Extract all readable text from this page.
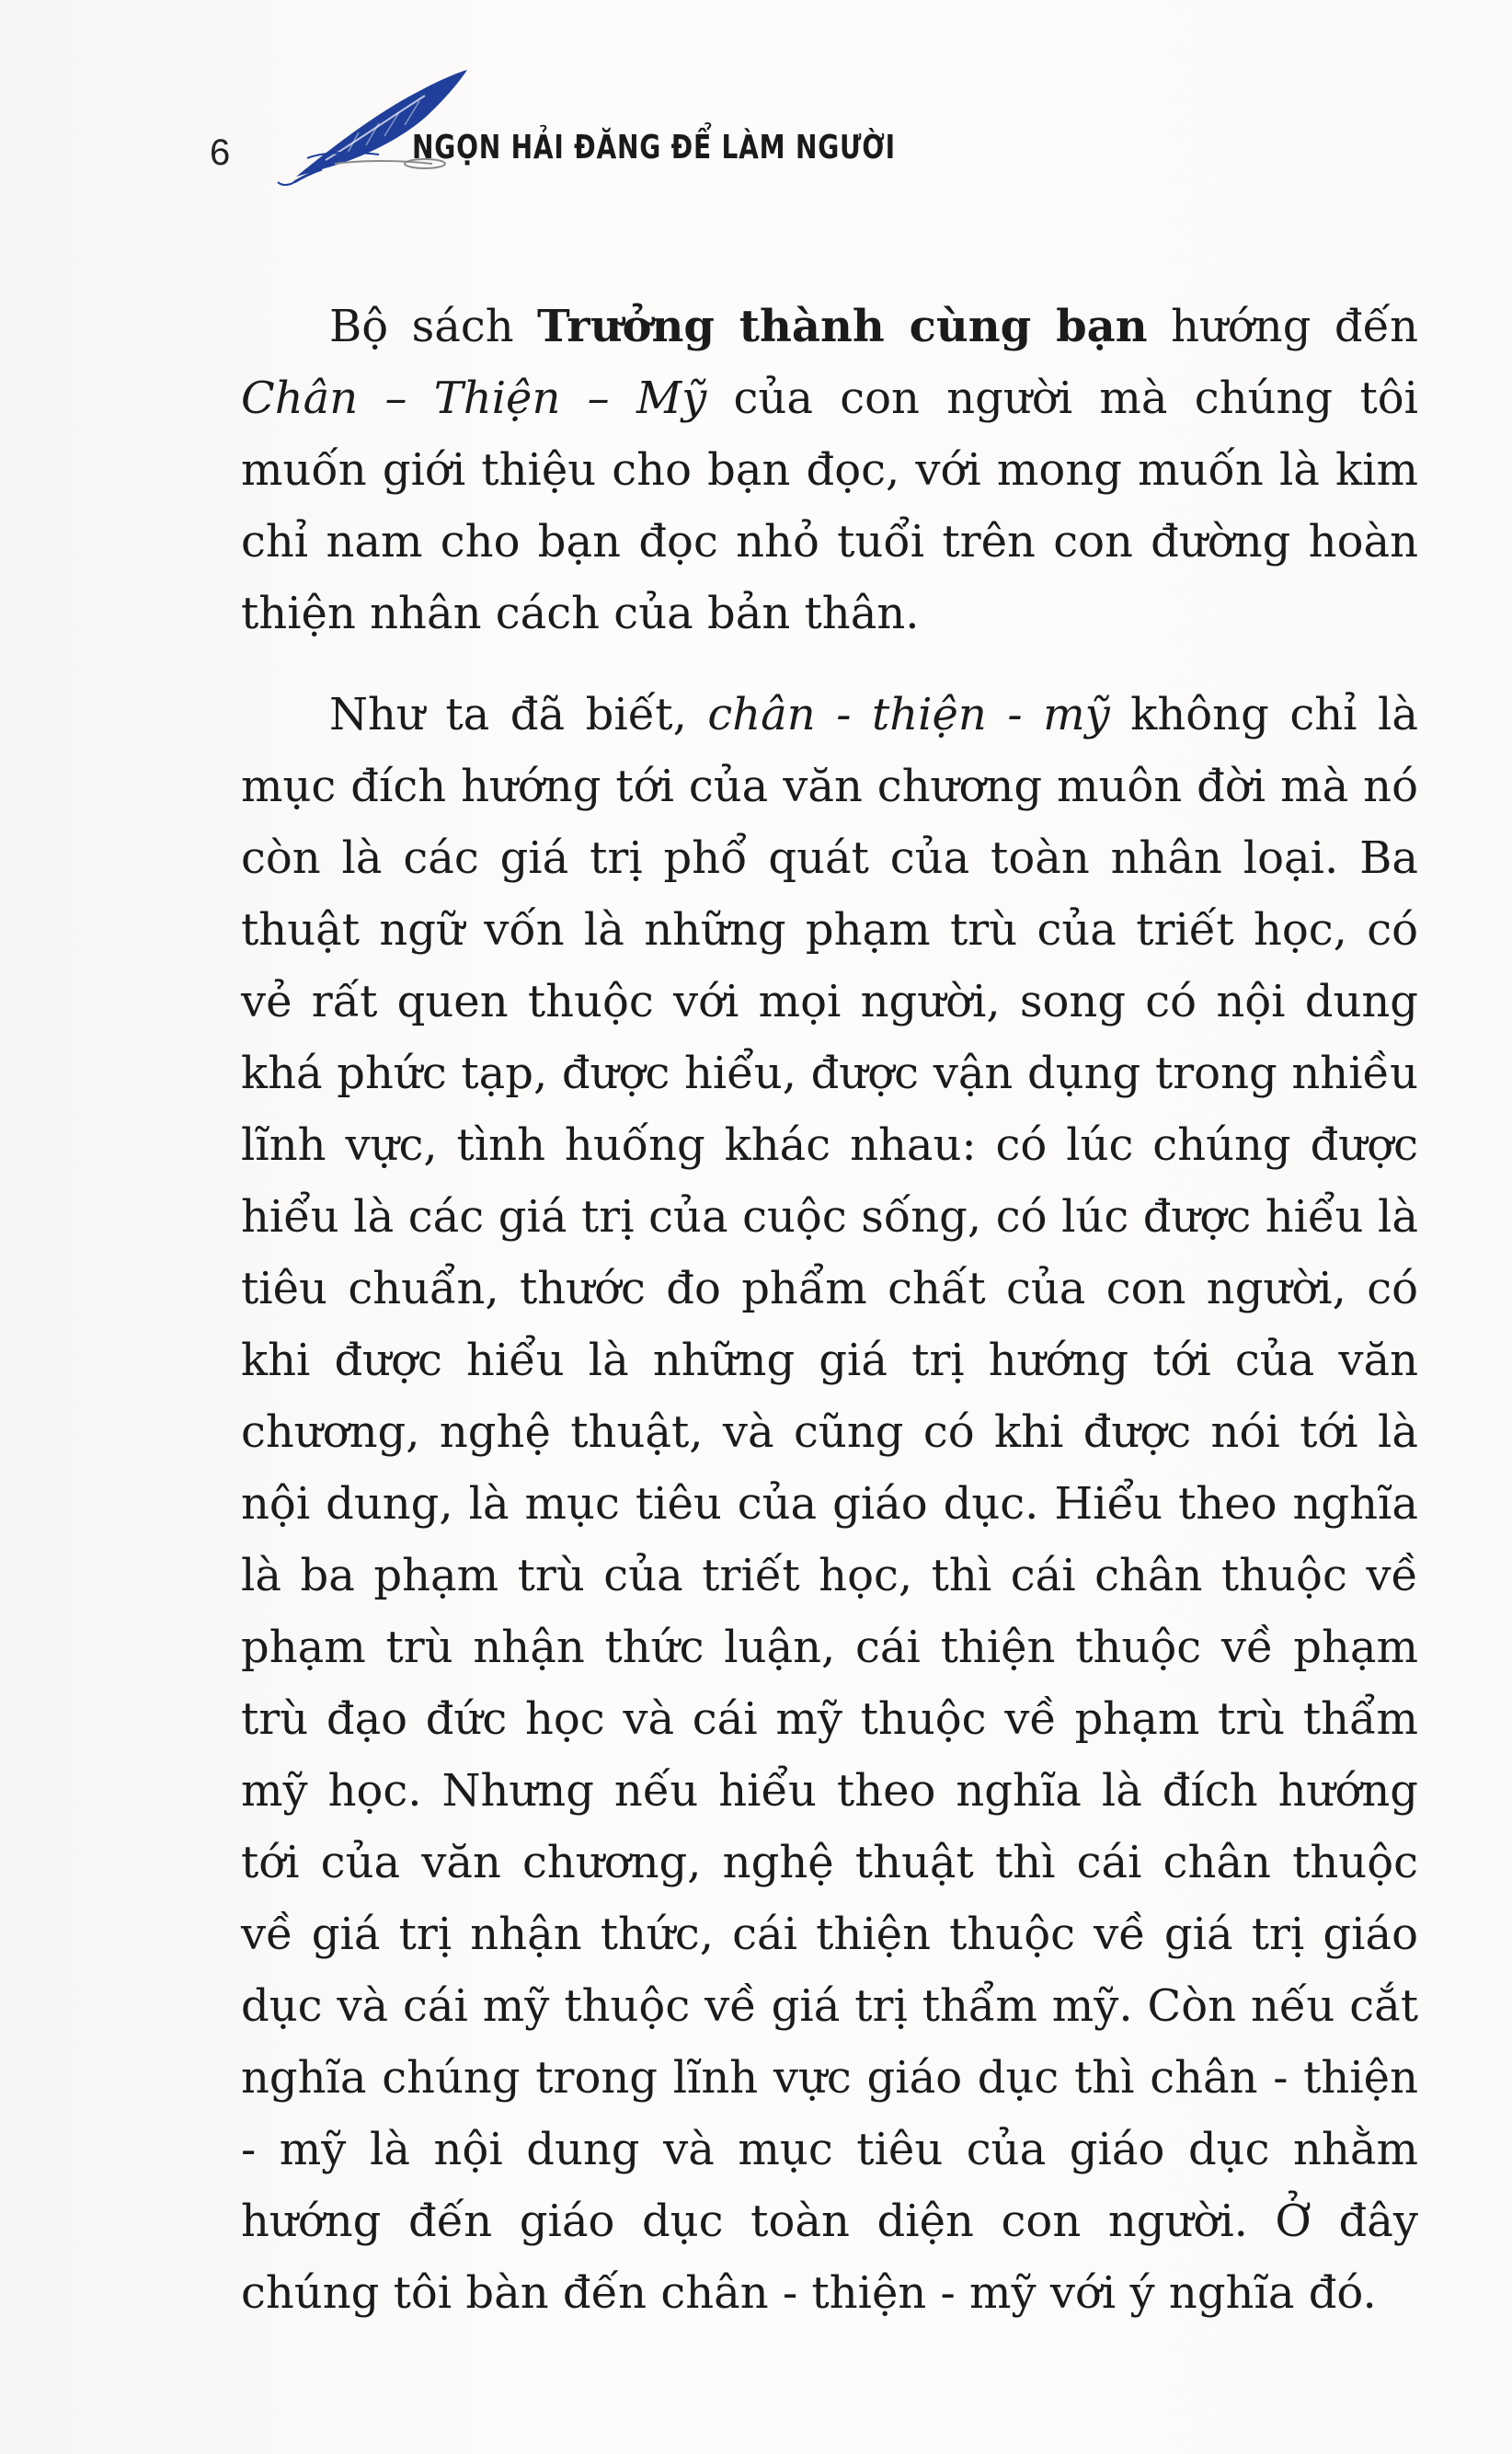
6	NGỌN HẢI ĐĂNG ĐỂ LÀM NGƯỜI

Bộ sách Trưởng thành cùng bạn hướng đến Chân – Thiện – Mỹ của con người mà chúng tôi muốn giới thiệu cho bạn đọc, với mong muốn là kim chỉ nam cho bạn đọc nhỏ tuổi trên con đường hoàn thiện nhân cách của bản thân.

Như ta đã biết, chân - thiện - mỹ không chỉ là mục đích hướng tới của văn chương muôn đời mà nó còn là các giá trị phổ quát của toàn nhân loại. Ba thuật ngữ vốn là những phạm trù của triết học, có vẻ rất quen thuộc với mọi người, song có nội dung khá phức tạp, được hiểu, được vận dụng trong nhiều lĩnh vực, tình huống khác nhau: có lúc chúng được hiểu là các giá trị của cuộc sống, có lúc được hiểu là tiêu chuẩn, thước đo phẩm chất của con người, có khi được hiểu là những giá trị hướng tới của văn chương, nghệ thuật, và cũng có khi được nói tới là nội dung, là mục tiêu của giáo dục. Hiểu theo nghĩa là ba phạm trù của triết học, thì cái chân thuộc về phạm trù nhận thức luận, cái thiện thuộc về phạm trù đạo đức học và cái mỹ thuộc về phạm trù thẩm mỹ học. Nhưng nếu hiểu theo nghĩa là đích hướng tới của văn chương, nghệ thuật thì cái chân thuộc về giá trị nhận thức, cái thiện thuộc về giá trị giáo dục và cái mỹ thuộc về giá trị thẩm mỹ. Còn nếu cắt nghĩa chúng trong lĩnh vực giáo dục thì chân - thiện - mỹ là nội dung và mục tiêu của giáo dục nhằm hướng đến giáo dục toàn diện con người. Ở đây chúng tôi bàn đến chân - thiện - mỹ với ý nghĩa đó.
